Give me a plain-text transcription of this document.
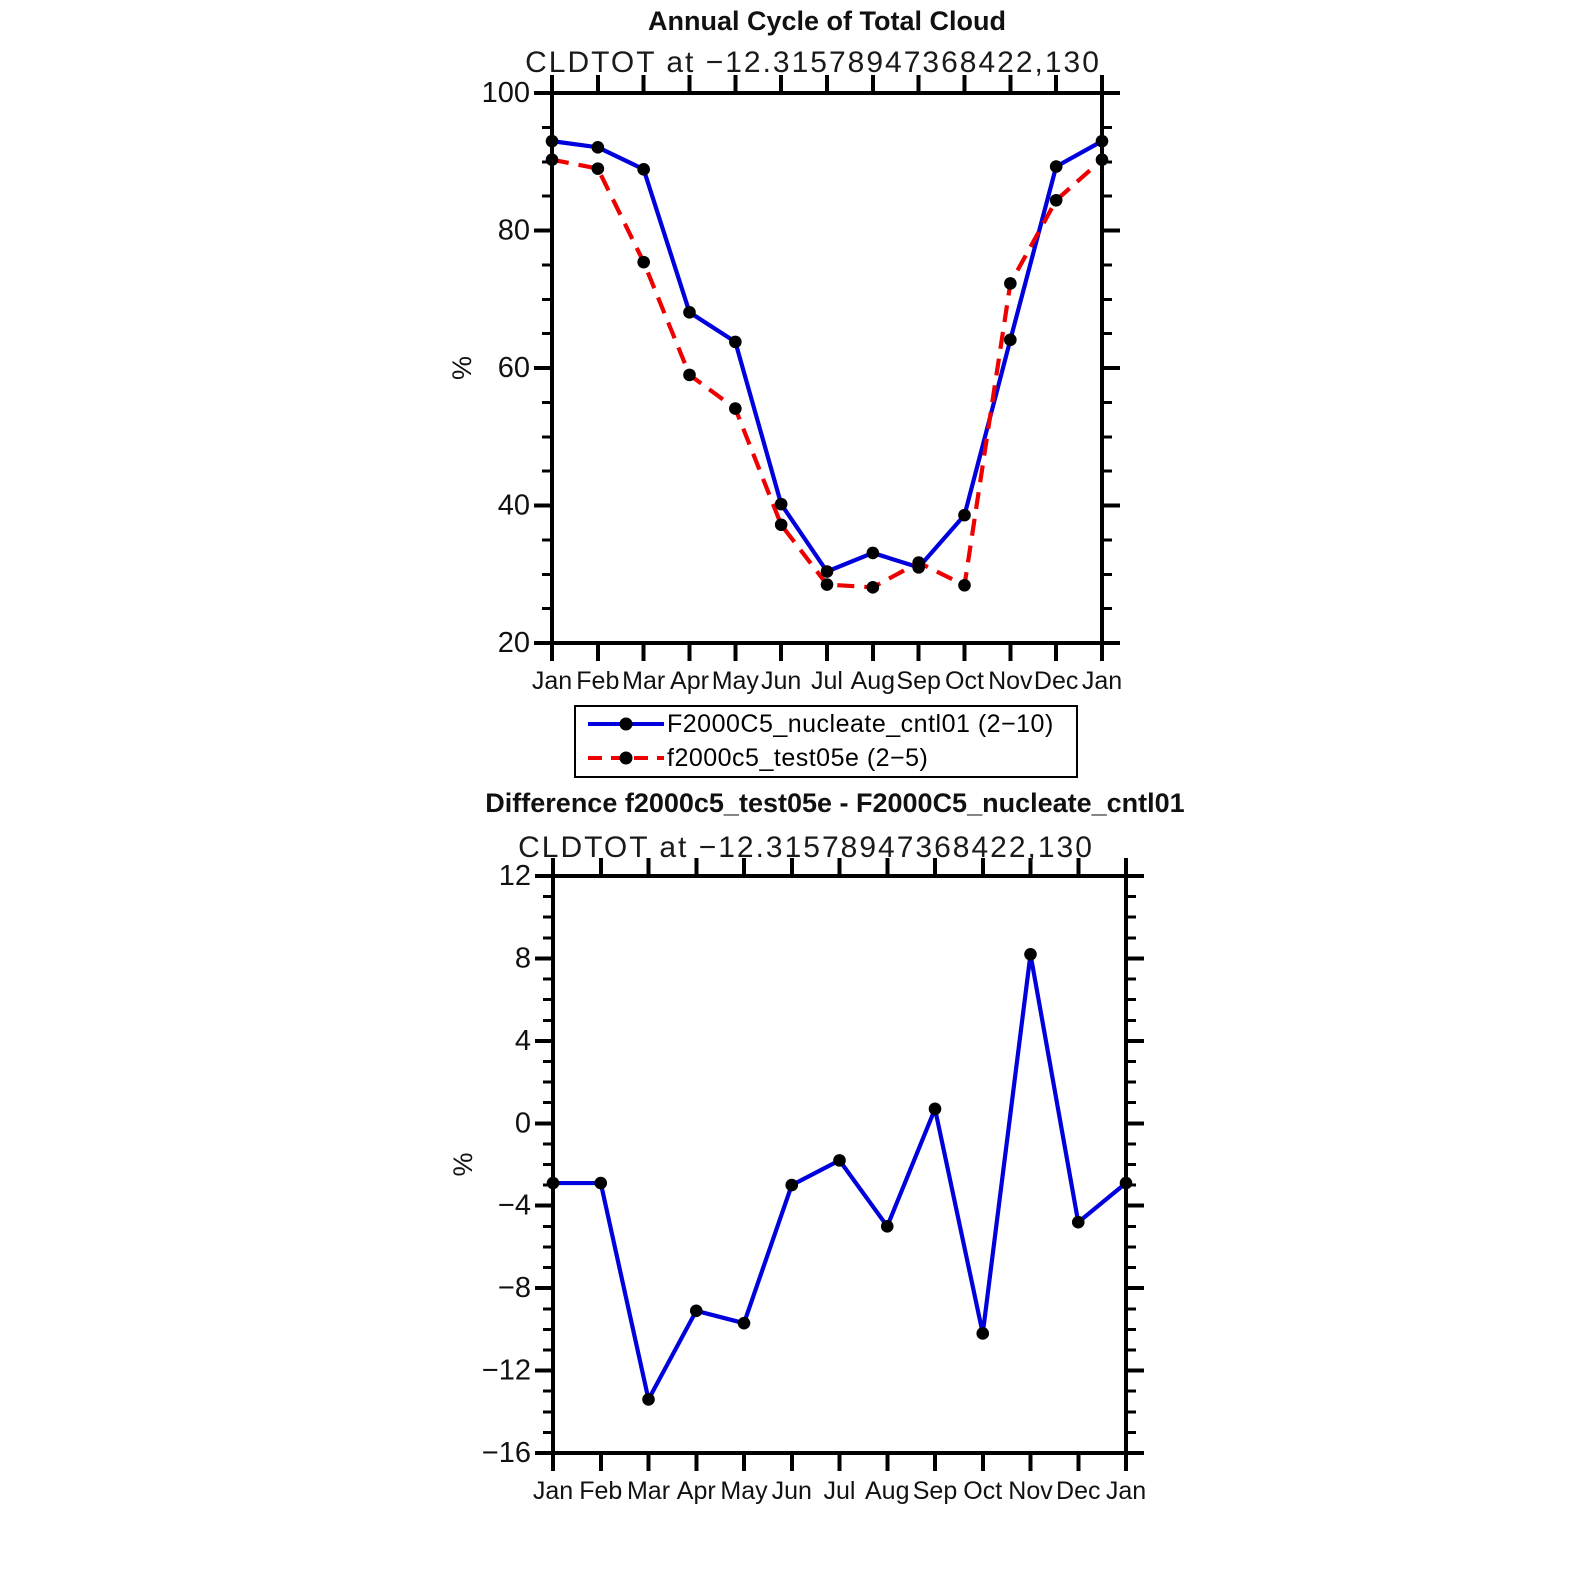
Annual Cycle of Total Cloud
CLDTOT at −12.31578947368422,130
20
40
60
80
100
Jan Feb Mar Apr May Jun Jul Aug Sep Oct Nov Dec Jan
%
−16
−12
−8
−4
0
4
8
12
Jan Feb Mar Apr May Jun Jul Aug Sep Oct Nov Dec Jan
%
F2000C5_nucleate_cntl01 (2−10)
f2000c5_test05e (2−5)
Difference f2000c5_test05e - F2000C5_nucleate_cntl01
CLDTOT at −12.31578947368422,130
